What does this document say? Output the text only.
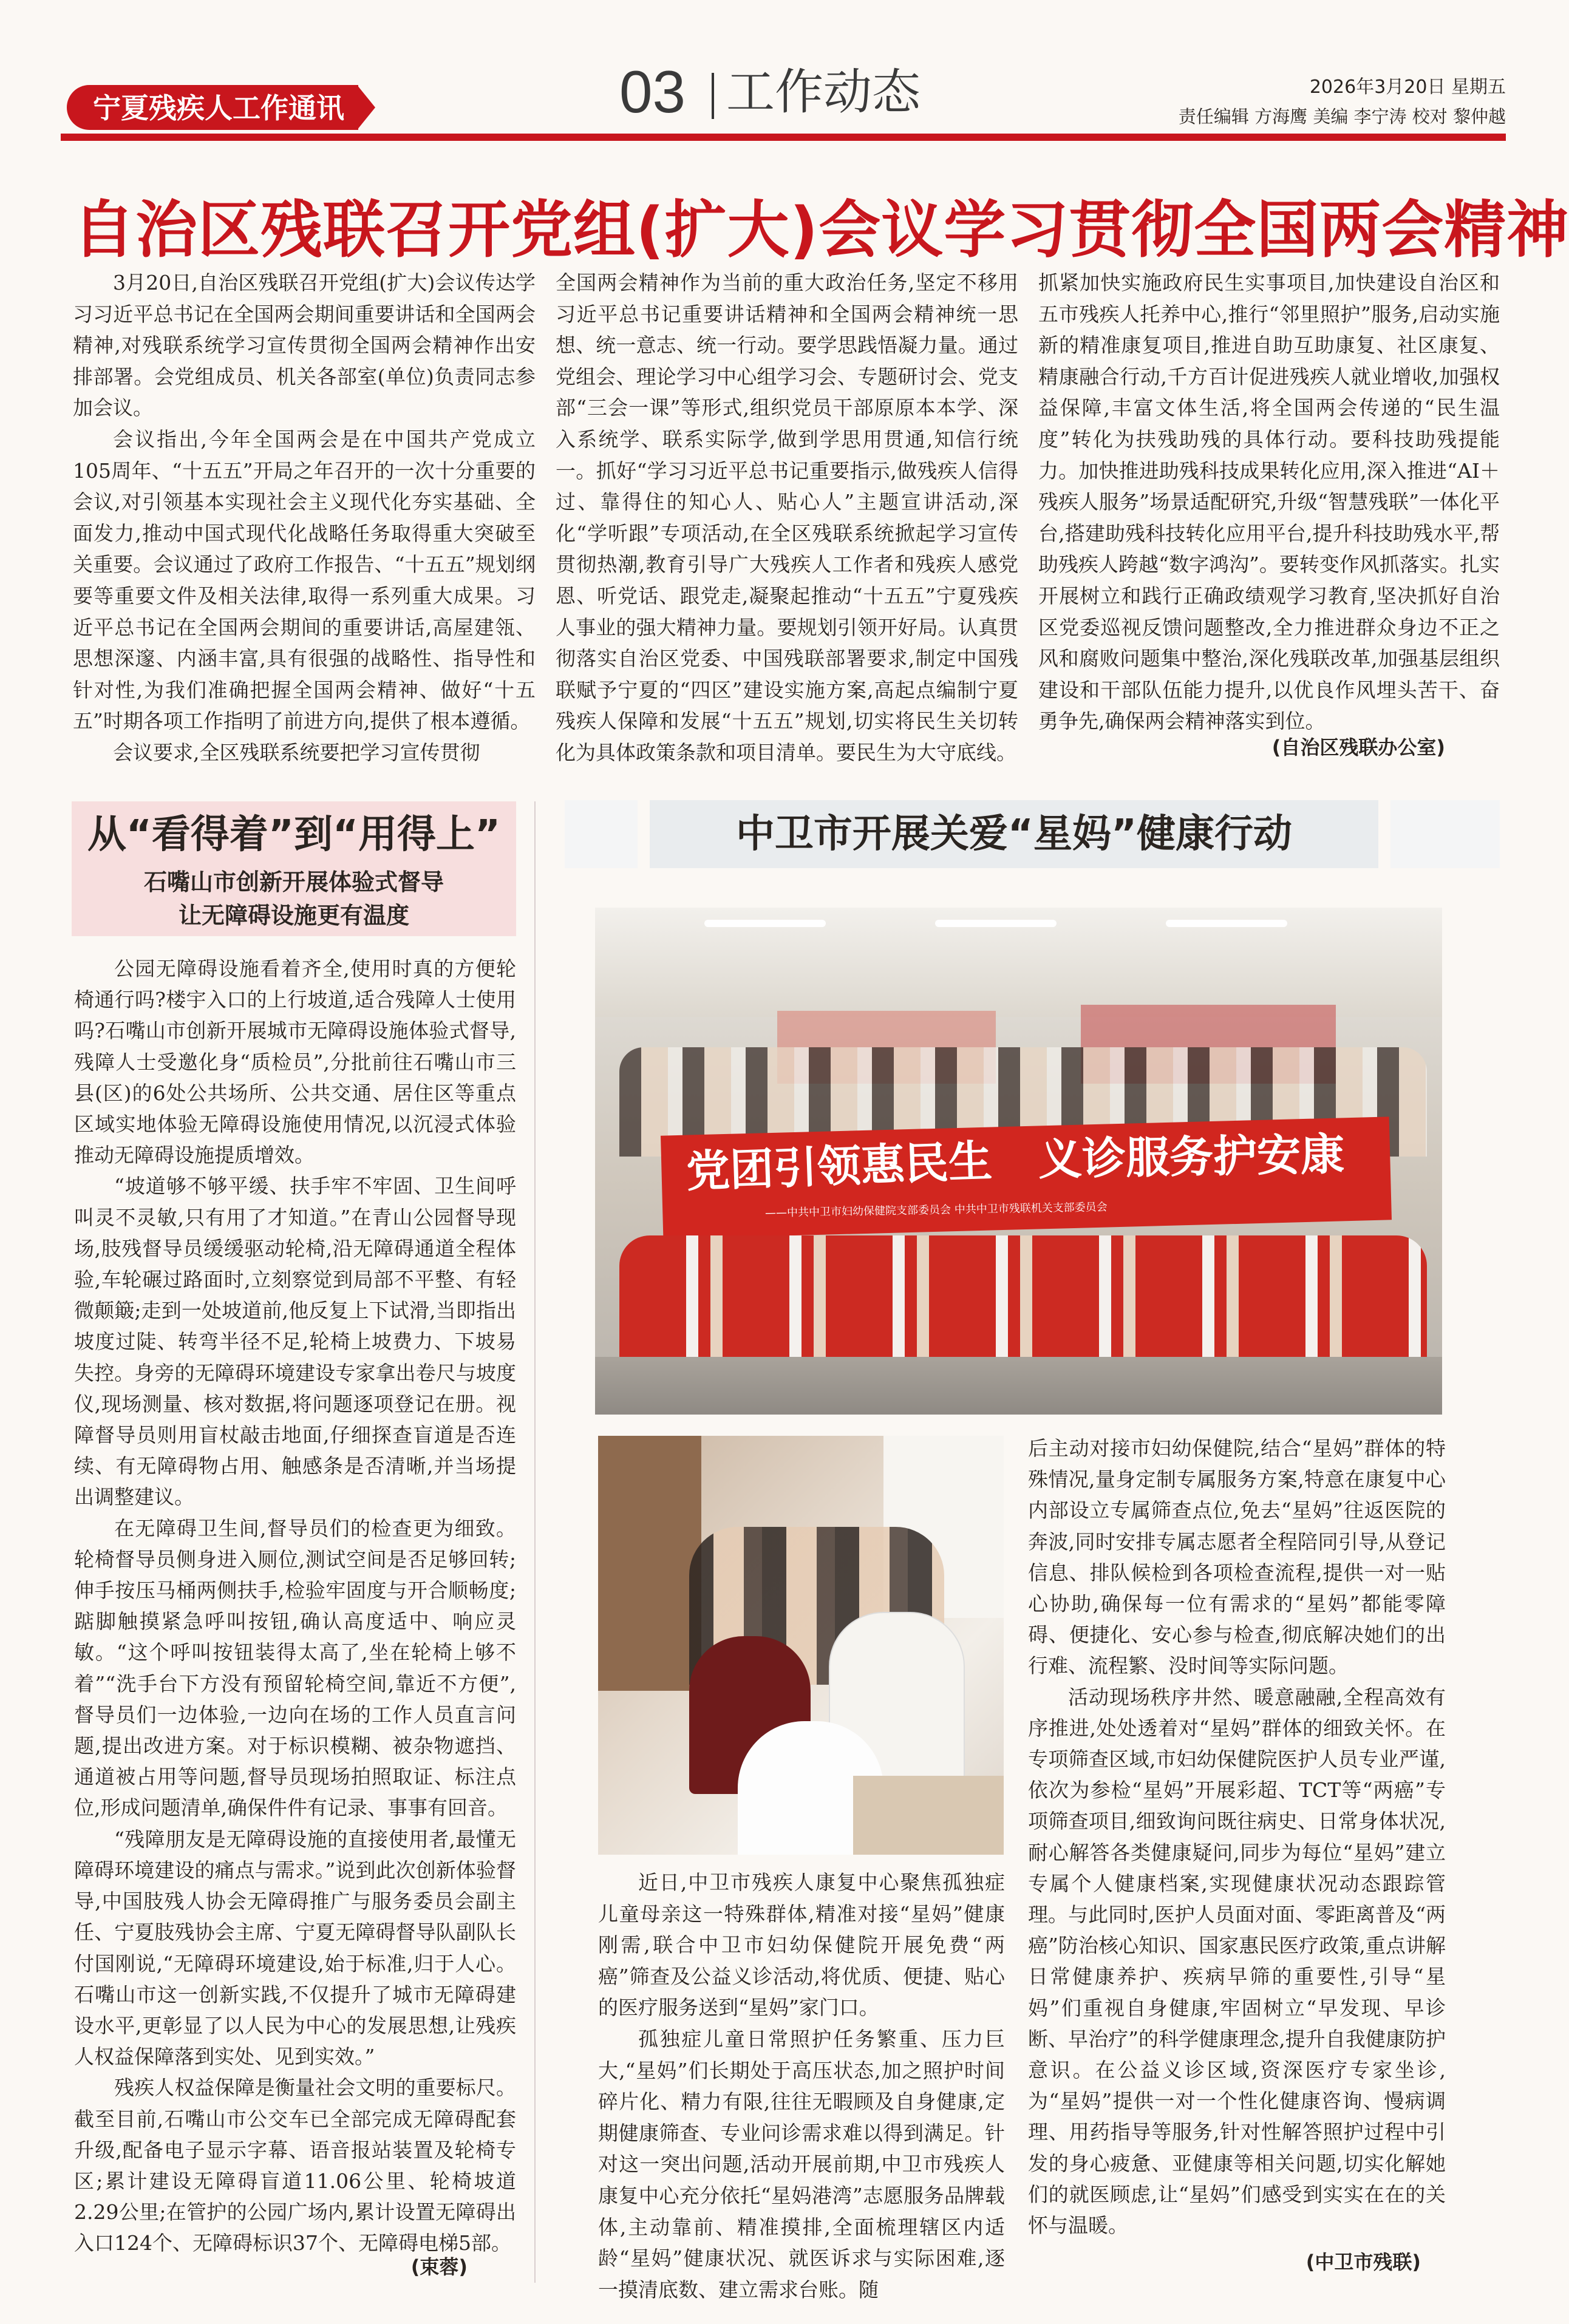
宁夏残疾人工作通讯	03 工作动态	2026年3月20日 星期五
责任编辑 方海鹰 美编 李宁涛 校对 黎仲越
自治区残联召开党组(扩大)会议学习贯彻全国两会精神

3月20日,自治区残联召开党组(扩大)会议传达学习习近平总书记在全国两会期间重要讲话和全国两会精神,对残联系统学习宣传贯彻全国两会精神作出安排部署。会党组成员、机关各部室(单位)负责同志参加会议。

会议指出,今年全国两会是在中国共产党成立105周年、“十五五”开局之年召开的一次十分重要的会议,对引领基本实现社会主义现代化夯实基础、全面发力,推动中国式现代化战略任务取得重大突破至关重要。会议通过了政府工作报告、“十五五”规划纲要等重要文件及相关法律,取得一系列重大成果。习近平总书记在全国两会期间的重要讲话,高屋建瓴、思想深邃、内涵丰富,具有很强的战略性、指导性和针对性,为我们准确把握全国两会精神、做好“十五五”时期各项工作指明了前进方向,提供了根本遵循。

会议要求,全区残联系统要把学习宣传贯彻

全国两会精神作为当前的重大政治任务,坚定不移用习近平总书记重要讲话精神和全国两会精神统一思想、统一意志、统一行动。要学思践悟凝力量。通过党组会、理论学习中心组学习会、专题研讨会、党支部“三会一课”等形式,组织党员干部原原本本学、深入系统学、联系实际学,做到学思用贯通,知信行统一。抓好“学习习近平总书记重要指示,做残疾人信得过、靠得住的知心人、贴心人”主题宣讲活动,深化“学听跟”专项活动,在全区残联系统掀起学习宣传贯彻热潮,教育引导广大残疾人工作者和残疾人感党恩、听党话、跟党走,凝聚起推动“十五五”宁夏残疾人事业的强大精神力量。要规划引领开好局。认真贯彻落实自治区党委、中国残联部署要求,制定中国残联赋予宁夏的“四区”建设实施方案,高起点编制宁夏残疾人保障和发展“十五五”规划,切实将民生关切转化为具体政策条款和项目清单。要民生为大守底线。

抓紧加快实施政府民生实事项目,加快建设自治区和五市残疾人托养中心,推行“邻里照护”服务,启动实施新的精准康复项目,推进自助互助康复、社区康复、精康融合行动,千方百计促进残疾人就业增收,加强权益保障,丰富文体生活,将全国两会传递的“民生温度”转化为扶残助残的具体行动。要科技助残提能力。加快推进助残科技成果转化应用,深入推进“AI＋残疾人服务”场景适配研究,升级“智慧残联”一体化平台,搭建助残科技转化应用平台,提升科技助残水平,帮助残疾人跨越“数字鸿沟”。要转变作风抓落实。扎实开展树立和践行正确政绩观学习教育,坚决抓好自治区党委巡视反馈问题整改,全力推进群众身边不正之风和腐败问题集中整治,深化残联改革,加强基层组织建设和干部队伍能力提升,以优良作风埋头苦干、奋勇争先,确保两会精神落实到位。

(自治区残联办公室)
从“看得着”到“用得上”
石嘴山市创新开展体验式督导
让无障碍设施更有温度

公园无障碍设施看着齐全,使用时真的方便轮椅通行吗?楼宇入口的上行坡道,适合残障人士使用吗?石嘴山市创新开展城市无障碍设施体验式督导,残障人士受邀化身“质检员”,分批前往石嘴山市三县(区)的6处公共场所、公共交通、居住区等重点区域实地体验无障碍设施使用情况,以沉浸式体验推动无障碍设施提质增效。

“坡道够不够平缓、扶手牢不牢固、卫生间呼叫灵不灵敏,只有用了才知道。”在青山公园督导现场,肢残督导员缓缓驱动轮椅,沿无障碍通道全程体验,车轮碾过路面时,立刻察觉到局部不平整、有轻微颠簸;走到一处坡道前,他反复上下试滑,当即指出坡度过陡、转弯半径不足,轮椅上坡费力、下坡易失控。身旁的无障碍环境建设专家拿出卷尺与坡度仪,现场测量、核对数据,将问题逐项登记在册。视障督导员则用盲杖敲击地面,仔细探查盲道是否连续、有无障碍物占用、触感条是否清晰,并当场提出调整建议。

在无障碍卫生间,督导员们的检查更为细致。轮椅督导员侧身进入厕位,测试空间是否足够回转;伸手按压马桶两侧扶手,检验牢固度与开合顺畅度;踮脚触摸紧急呼叫按钮,确认高度适中、响应灵敏。“这个呼叫按钮装得太高了,坐在轮椅上够不着”“洗手台下方没有预留轮椅空间,靠近不方便”,督导员们一边体验,一边向在场的工作人员直言问题,提出改进方案。对于标识模糊、被杂物遮挡、通道被占用等问题,督导员现场拍照取证、标注点位,形成问题清单,确保件件有记录、事事有回音。

“残障朋友是无障碍设施的直接使用者,最懂无障碍环境建设的痛点与需求。”说到此次创新体验督导,中国肢残人协会无障碍推广与服务委员会副主任、宁夏肢残协会主席、宁夏无障碍督导队副队长付国刚说,“无障碍环境建设,始于标准,归于人心。石嘴山市这一创新实践,不仅提升了城市无障碍建设水平,更彰显了以人民为中心的发展思想,让残疾人权益保障落到实处、见到实效。”

残疾人权益保障是衡量社会文明的重要标尺。截至目前,石嘴山市公交车已全部完成无障碍配套升级,配备电子显示字幕、语音报站装置及轮椅专区;累计建设无障碍盲道11.06公里、轮椅坡道2.29公里;在管护的公园广场内,累计设置无障碍出入口124个、无障碍标识37个、无障碍电梯5部。

(束蓉)
中卫市开展关爱“星妈”健康行动
党团引领惠民生	义诊服务护安康
——中共中卫市妇幼保健院支部委员会 中共中卫市残联机关支部委员会

近日,中卫市残疾人康复中心聚焦孤独症儿童母亲这一特殊群体,精准对接“星妈”健康刚需,联合中卫市妇幼保健院开展免费“两癌”筛查及公益义诊活动,将优质、便捷、贴心的医疗服务送到“星妈”家门口。

孤独症儿童日常照护任务繁重、压力巨大,“星妈”们长期处于高压状态,加之照护时间碎片化、精力有限,往往无暇顾及自身健康,定期健康筛查、专业问诊需求难以得到满足。针对这一突出问题,活动开展前期,中卫市残疾人康复中心充分依托“星妈港湾”志愿服务品牌载体,主动靠前、精准摸排,全面梳理辖区内适龄“星妈”健康状况、就医诉求与实际困难,逐一摸清底数、建立需求台账。随

后主动对接市妇幼保健院,结合“星妈”群体的特殊情况,量身定制专属服务方案,特意在康复中心内部设立专属筛查点位,免去“星妈”往返医院的奔波,同时安排专属志愿者全程陪同引导,从登记信息、排队候检到各项检查流程,提供一对一贴心协助,确保每一位有需求的“星妈”都能零障碍、便捷化、安心参与检查,彻底解决她们的出行难、流程繁、没时间等实际问题。

活动现场秩序井然、暖意融融,全程高效有序推进,处处透着对“星妈”群体的细致关怀。在专项筛查区域,市妇幼保健院医护人员专业严谨,依次为参检“星妈”开展彩超、TCT等“两癌”专项筛查项目,细致询问既往病史、日常身体状况,耐心解答各类健康疑问,同步为每位“星妈”建立专属个人健康档案,实现健康状况动态跟踪管理。与此同时,医护人员面对面、零距离普及“两癌”防治核心知识、国家惠民医疗政策,重点讲解日常健康养护、疾病早筛的重要性,引导“星妈”们重视自身健康,牢固树立“早发现、早诊断、早治疗”的科学健康理念,提升自我健康防护意识。在公益义诊区域,资深医疗专家坐诊,为“星妈”提供一对一个性化健康咨询、慢病调理、用药指导等服务,针对性解答照护过程中引发的身心疲惫、亚健康等相关问题,切实化解她们的就医顾虑,让“星妈”们感受到实实在在的关怀与温暖。

(中卫市残联)
